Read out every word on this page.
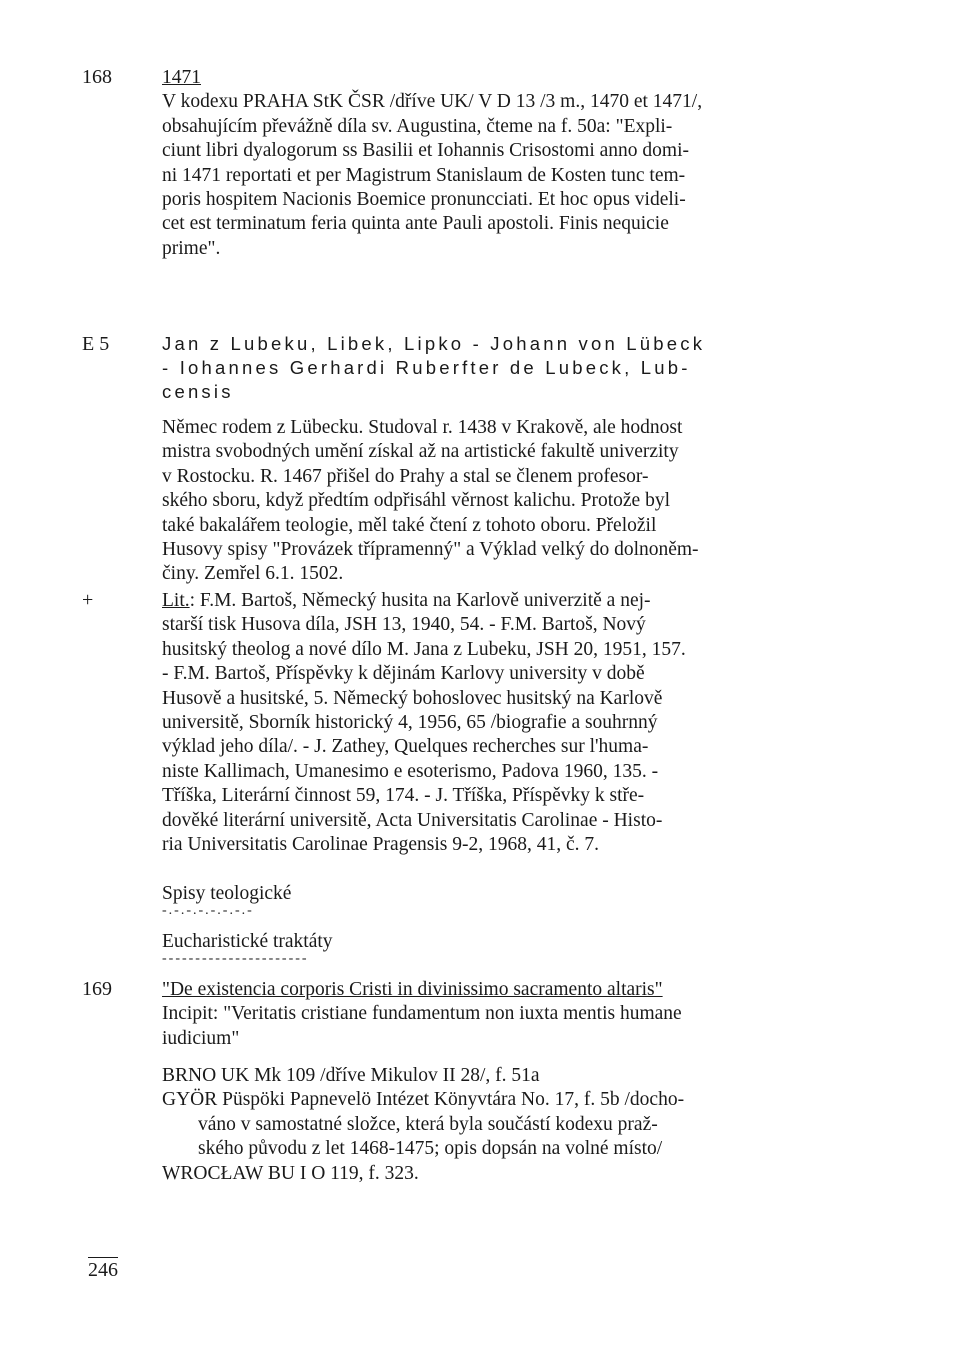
168	1471
V kodexu PRAHA StK ČSR /dříve UK/ V D 13 /3 m., 1470 et 1471/,
obsahujícím převážně díla sv. Augustina, čteme na f. 50a: "Expli-
ciunt libri dyalogorum ss Basilii et Iohannis Crisostomi anno domi-
ni 1471 reportati et per Magistrum Stanislaum de Kosten tunc tem-
poris hospitem Nacionis Boemice pronuncciati. Et hoc opus videli-
cet est terminatum feria quinta ante Pauli apostoli. Finis nequicie
prime".
E 5	Jan z Lubeku, Libek, Lipko - Johann von Lübeck
- Iohannes Gerhardi Ruberfter de Lubeck, Lub-
censis
Němec rodem z Lübecku. Studoval r. 1438 v Krakově, ale hodnost
mistra svobodných umění získal až na artistické fakultě univerzity
v Rostocku. R. 1467 přišel do Prahy a stal se členem profesor-
ského sboru, když předtím odpřisáhl věrnost kalichu. Protože byl
také bakalářem teologie, měl také čtení z tohoto oboru. Přeložil
Husovy spisy "Provázek třípramenný" a Výklad velký do dolnoněm-
činy. Zemřel 6.1. 1502.
+	Lit.: F.M. Bartoš, Německý husita na Karlově univerzitě a nej-
starší tisk Husova díla, JSH 13, 1940, 54. - F.M. Bartoš, Nový
husitský theolog a nové dílo M. Jana z Lubeku, JSH 20, 1951, 157.
- F.M. Bartoš, Příspěvky k dějinám Karlovy university v době
Husově a husitské, 5. Německý bohoslovec husitský na Karlově
universitě, Sborník historický 4, 1956, 65 /biografie a souhrnný
výklad jeho díla/. - J. Zathey, Quelques recherches sur l'huma-
niste Kallimach, Umanesimo e esoterismo, Padova 1960, 135. -
Tříška, Literární činnost 59, 174. - J. Tříška, Příspěvky k stře-
dověké literární universitě, Acta Universitatis Carolinae - Histo-
ria Universitatis Carolinae Pragensis 9-2, 1968, 41, č. 7.
Spisy teologické
-.-.-.-.-.-.-.-
Eucharistické traktáty
----------------------
169	"De existencia corporis Cristi in divinissimo sacramento altaris"
Incipit: "Veritatis cristiane fundamentum non iuxta mentis humane
iudicium"
BRNO UK Mk 109 /dříve Mikulov II 28/, f. 51a
GYÖR Püspöki Papnevelö Intézet Könyvtára No. 17, f. 5b /docho-
váno v samostatné složce, která byla součástí kodexu praž-
ského původu z let 1468-1475; opis dopsán na volné místo/
WROCŁAW BU I O 119, f. 323.
246
